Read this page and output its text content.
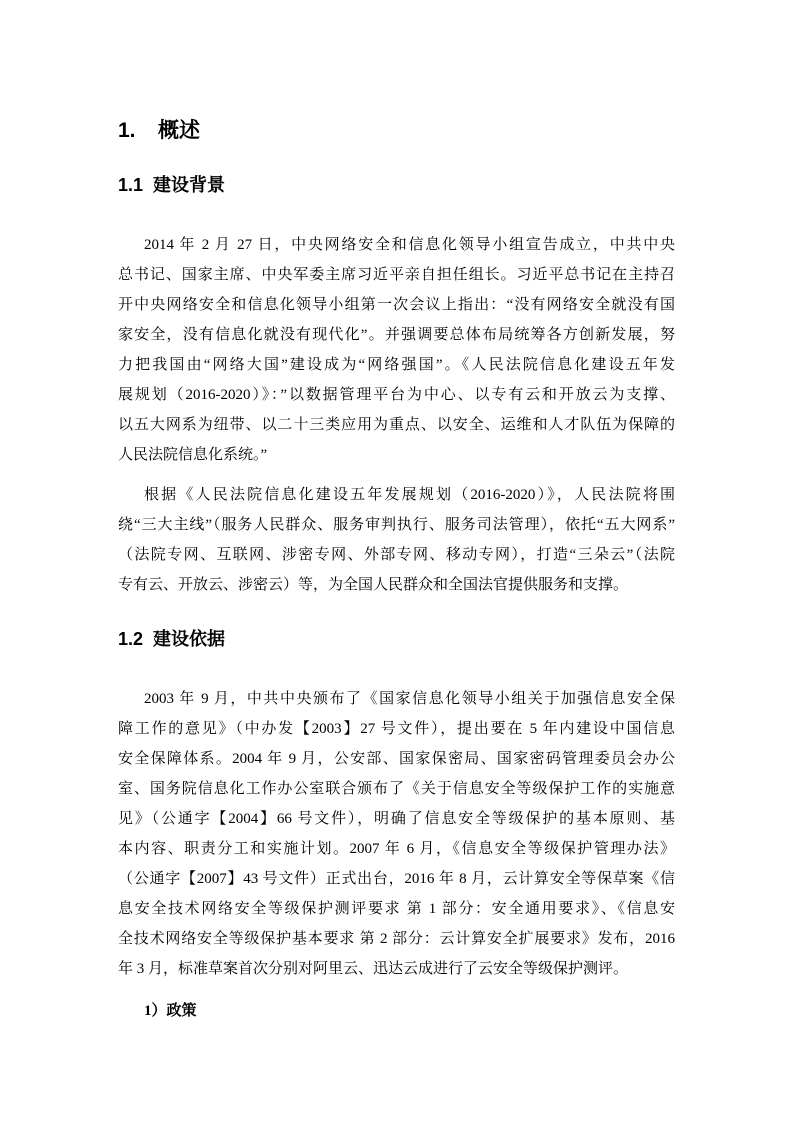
1. 概述
1.1 建设背景
2014 年 2 月 27 日，中央网络安全和信息化领导小组宣告成立，中共中央
总书记、国家主席、中央军委主席习近平亲自担任组长。习近平总书记在主持召
开中央网络安全和信息化领导小组第一次会议上指出：“没有网络安全就没有国
家安全，没有信息化就没有现代化”。并强调要总体布局统筹各方创新发展，努
力把我国由“网络大国”建设成为“网络强国”。《人民法院信息化建设五年发
展规划（2016-2020）》：”以数据管理平台为中心、以专有云和开放云为支撑、
以五大网系为纽带、以二十三类应用为重点、以安全、运维和人才队伍为保障的
人民法院信息化系统。”
根据《人民法院信息化建设五年发展规划（2016-2020）》，人民法院将围
绕“三大主线”（服务人民群众、服务审判执行、服务司法管理），依托“五大网系”
（法院专网、互联网、涉密专网、外部专网、移动专网），打造“三朵云”（法院
专有云、开放云、涉密云）等，为全国人民群众和全国法官提供服务和支撑。
1.2 建设依据
2003 年 9 月，中共中央颁布了《国家信息化领导小组关于加强信息安全保
障工作的意见》（中办发【2003】27 号文件），提出要在 5 年内建设中国信息
安全保障体系。2004 年 9 月，公安部、国家保密局、国家密码管理委员会办公
室、国务院信息化工作办公室联合颁布了《关于信息安全等级保护工作的实施意
见》（公通字【2004】66 号文件），明确了信息安全等级保护的基本原则、基
本内容、职责分工和实施计划。2007 年 6 月，《信息安全等级保护管理办法》
（公通字【2007】43 号文件）正式出台，2016 年 8 月，云计算安全等保草案《信
息安全技术网络安全等级保护测评要求 第 1 部分：安全通用要求》、《信息安
全技术网络安全等级保护基本要求 第 2 部分：云计算安全扩展要求》发布，2016
年 3 月，标准草案首次分别对阿里云、迅达云成进行了云安全等级保护测评。
1）政策
